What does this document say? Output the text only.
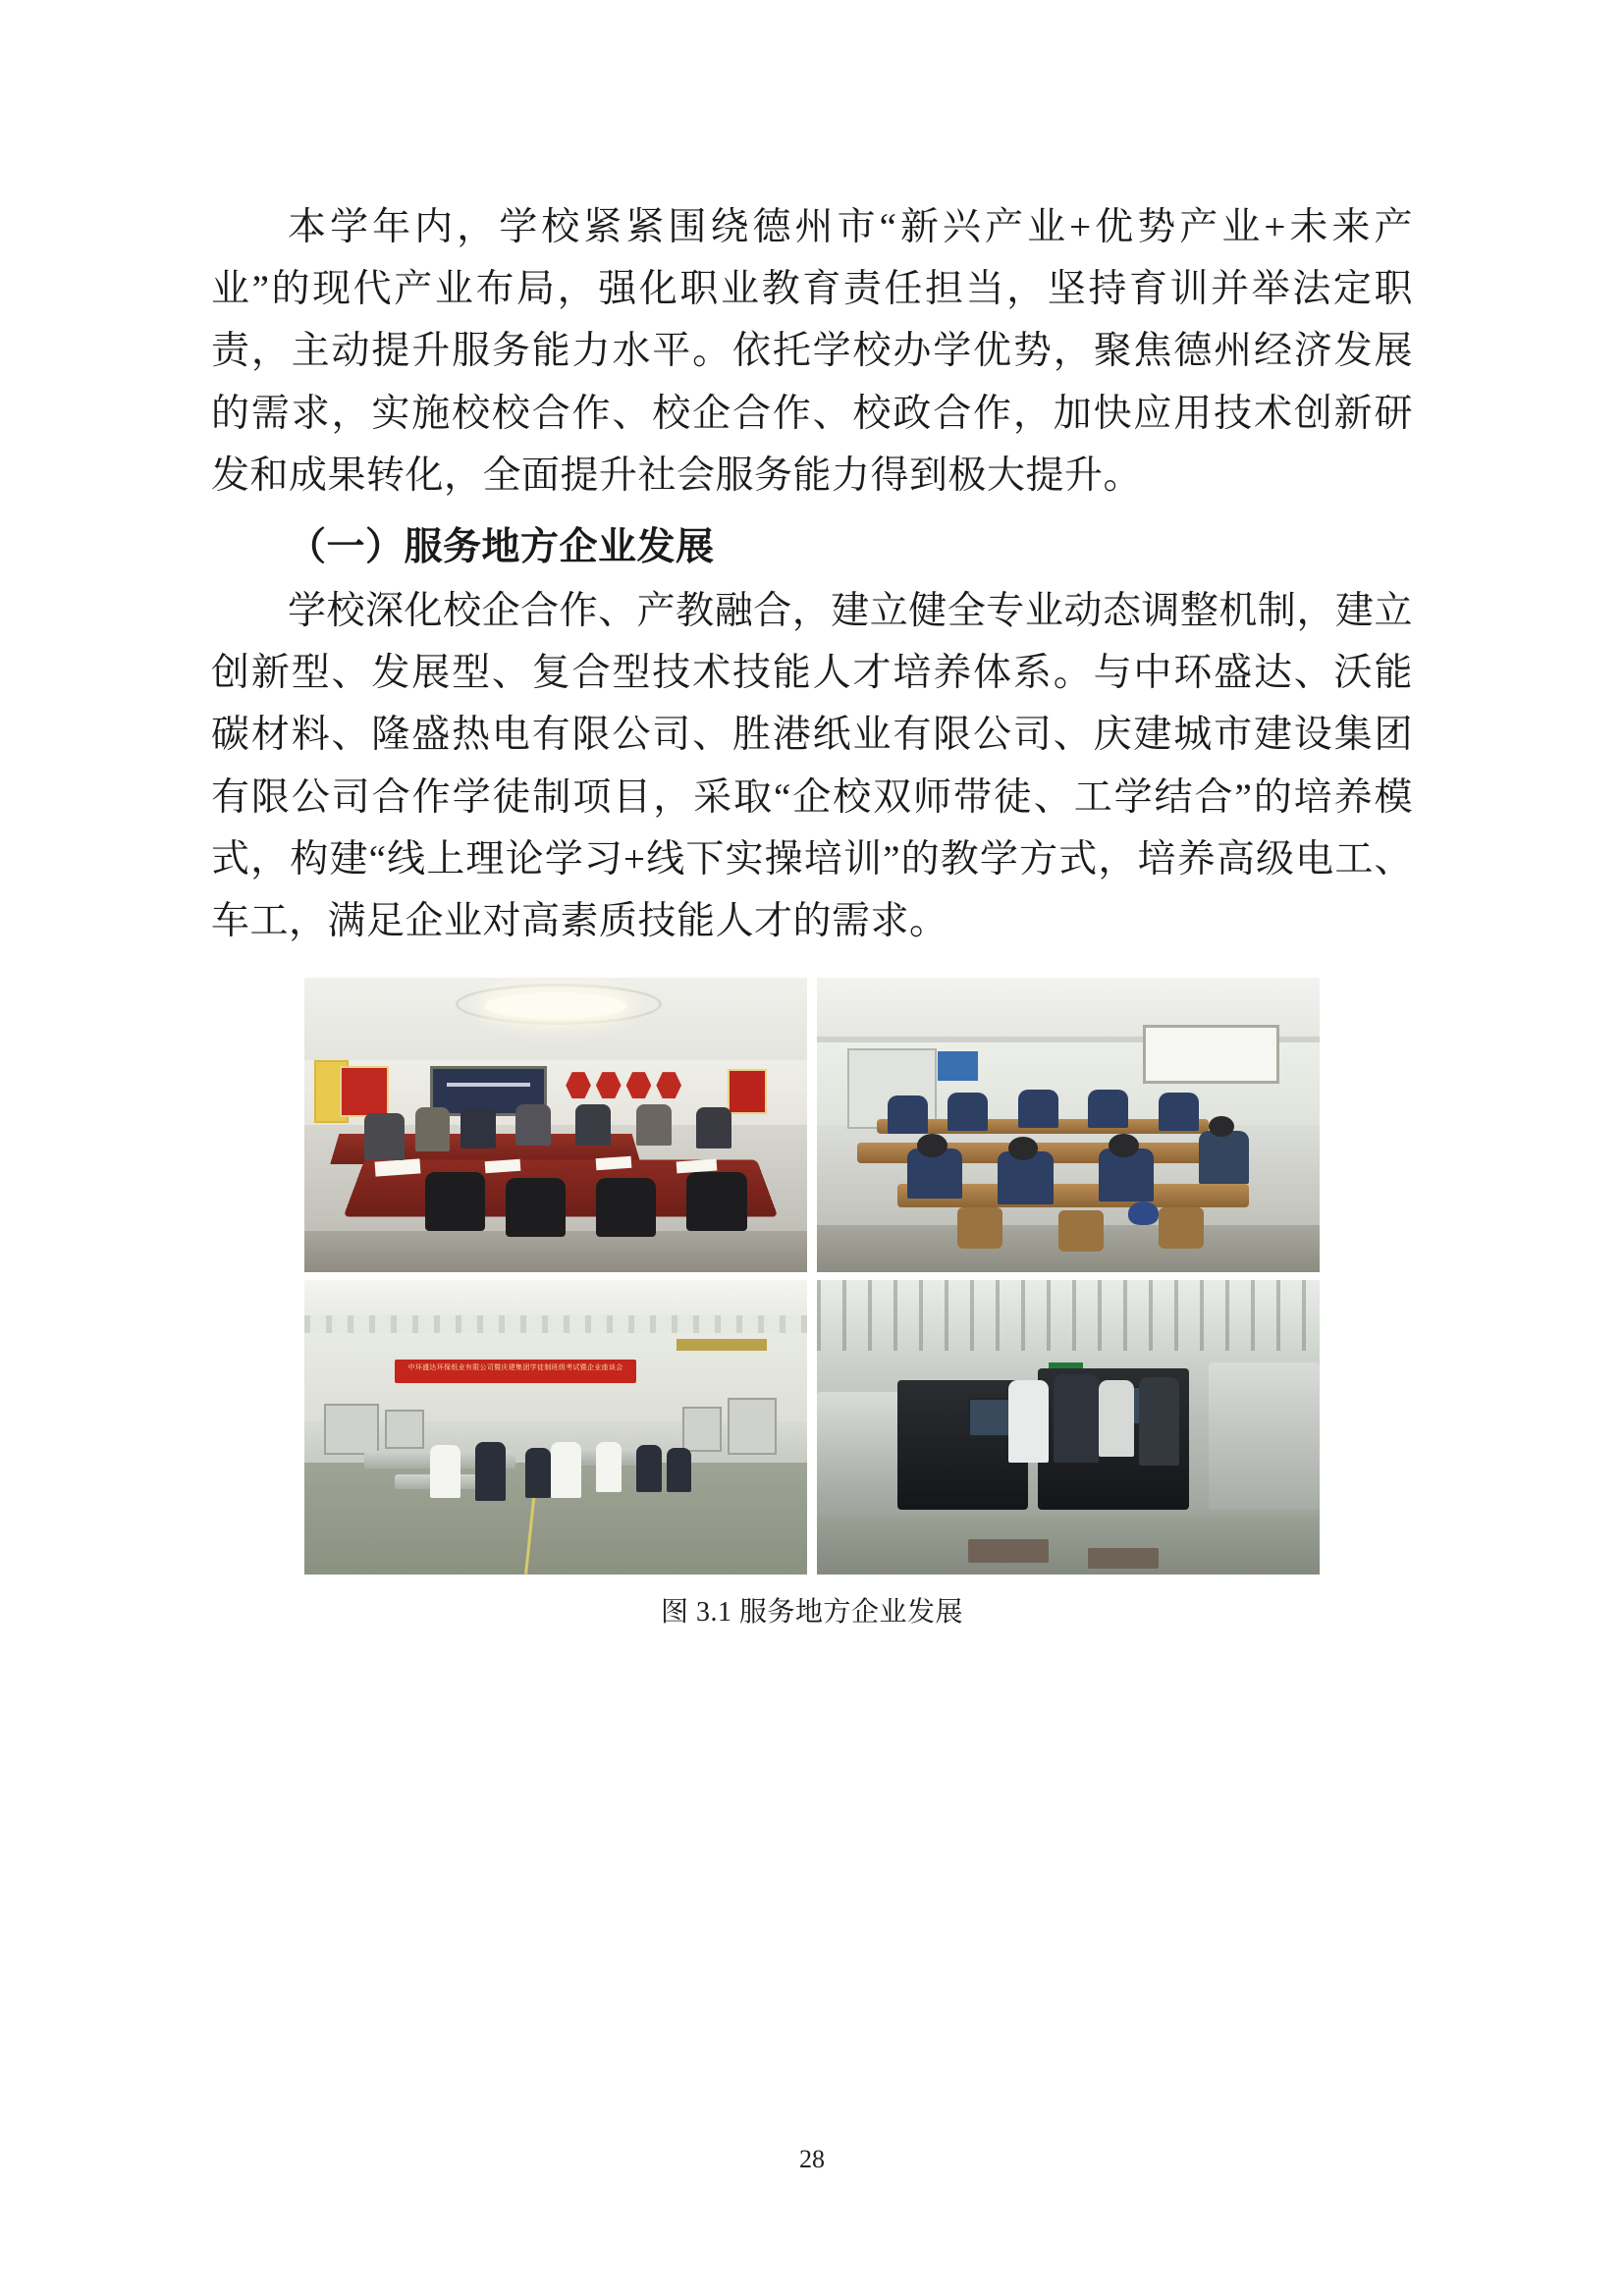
本学年内，学校紧紧围绕德州市“新兴产业+优势产业+未来产业”的现代产业布局，强化职业教育责任担当，坚持育训并举法定职责，主动提升服务能力水平。依托学校办学优势，聚焦德州经济发展的需求，实施校校合作、校企合作、校政合作，加快应用技术创新研发和成果转化，全面提升社会服务能力得到极大提升。

（一）服务地方企业发展

学校深化校企合作、产教融合，建立健全专业动态调整机制，建立创新型、发展型、复合型技术技能人才培养体系。与中环盛达、沃能碳材料、隆盛热电有限公司、胜港纸业有限公司、庆建城市建设集团有限公司合作学徒制项目，采取“企校双师带徒、工学结合”的培养模式，构建“线上理论学习+线下实操培训”的教学方式，培养高级电工、车工，满足企业对高素质技能人才的需求。

中环盛达环保纸业有限公司暨庆建集团学徒制班级考试暨企业座谈会
图 3.1 服务地方企业发展
28
